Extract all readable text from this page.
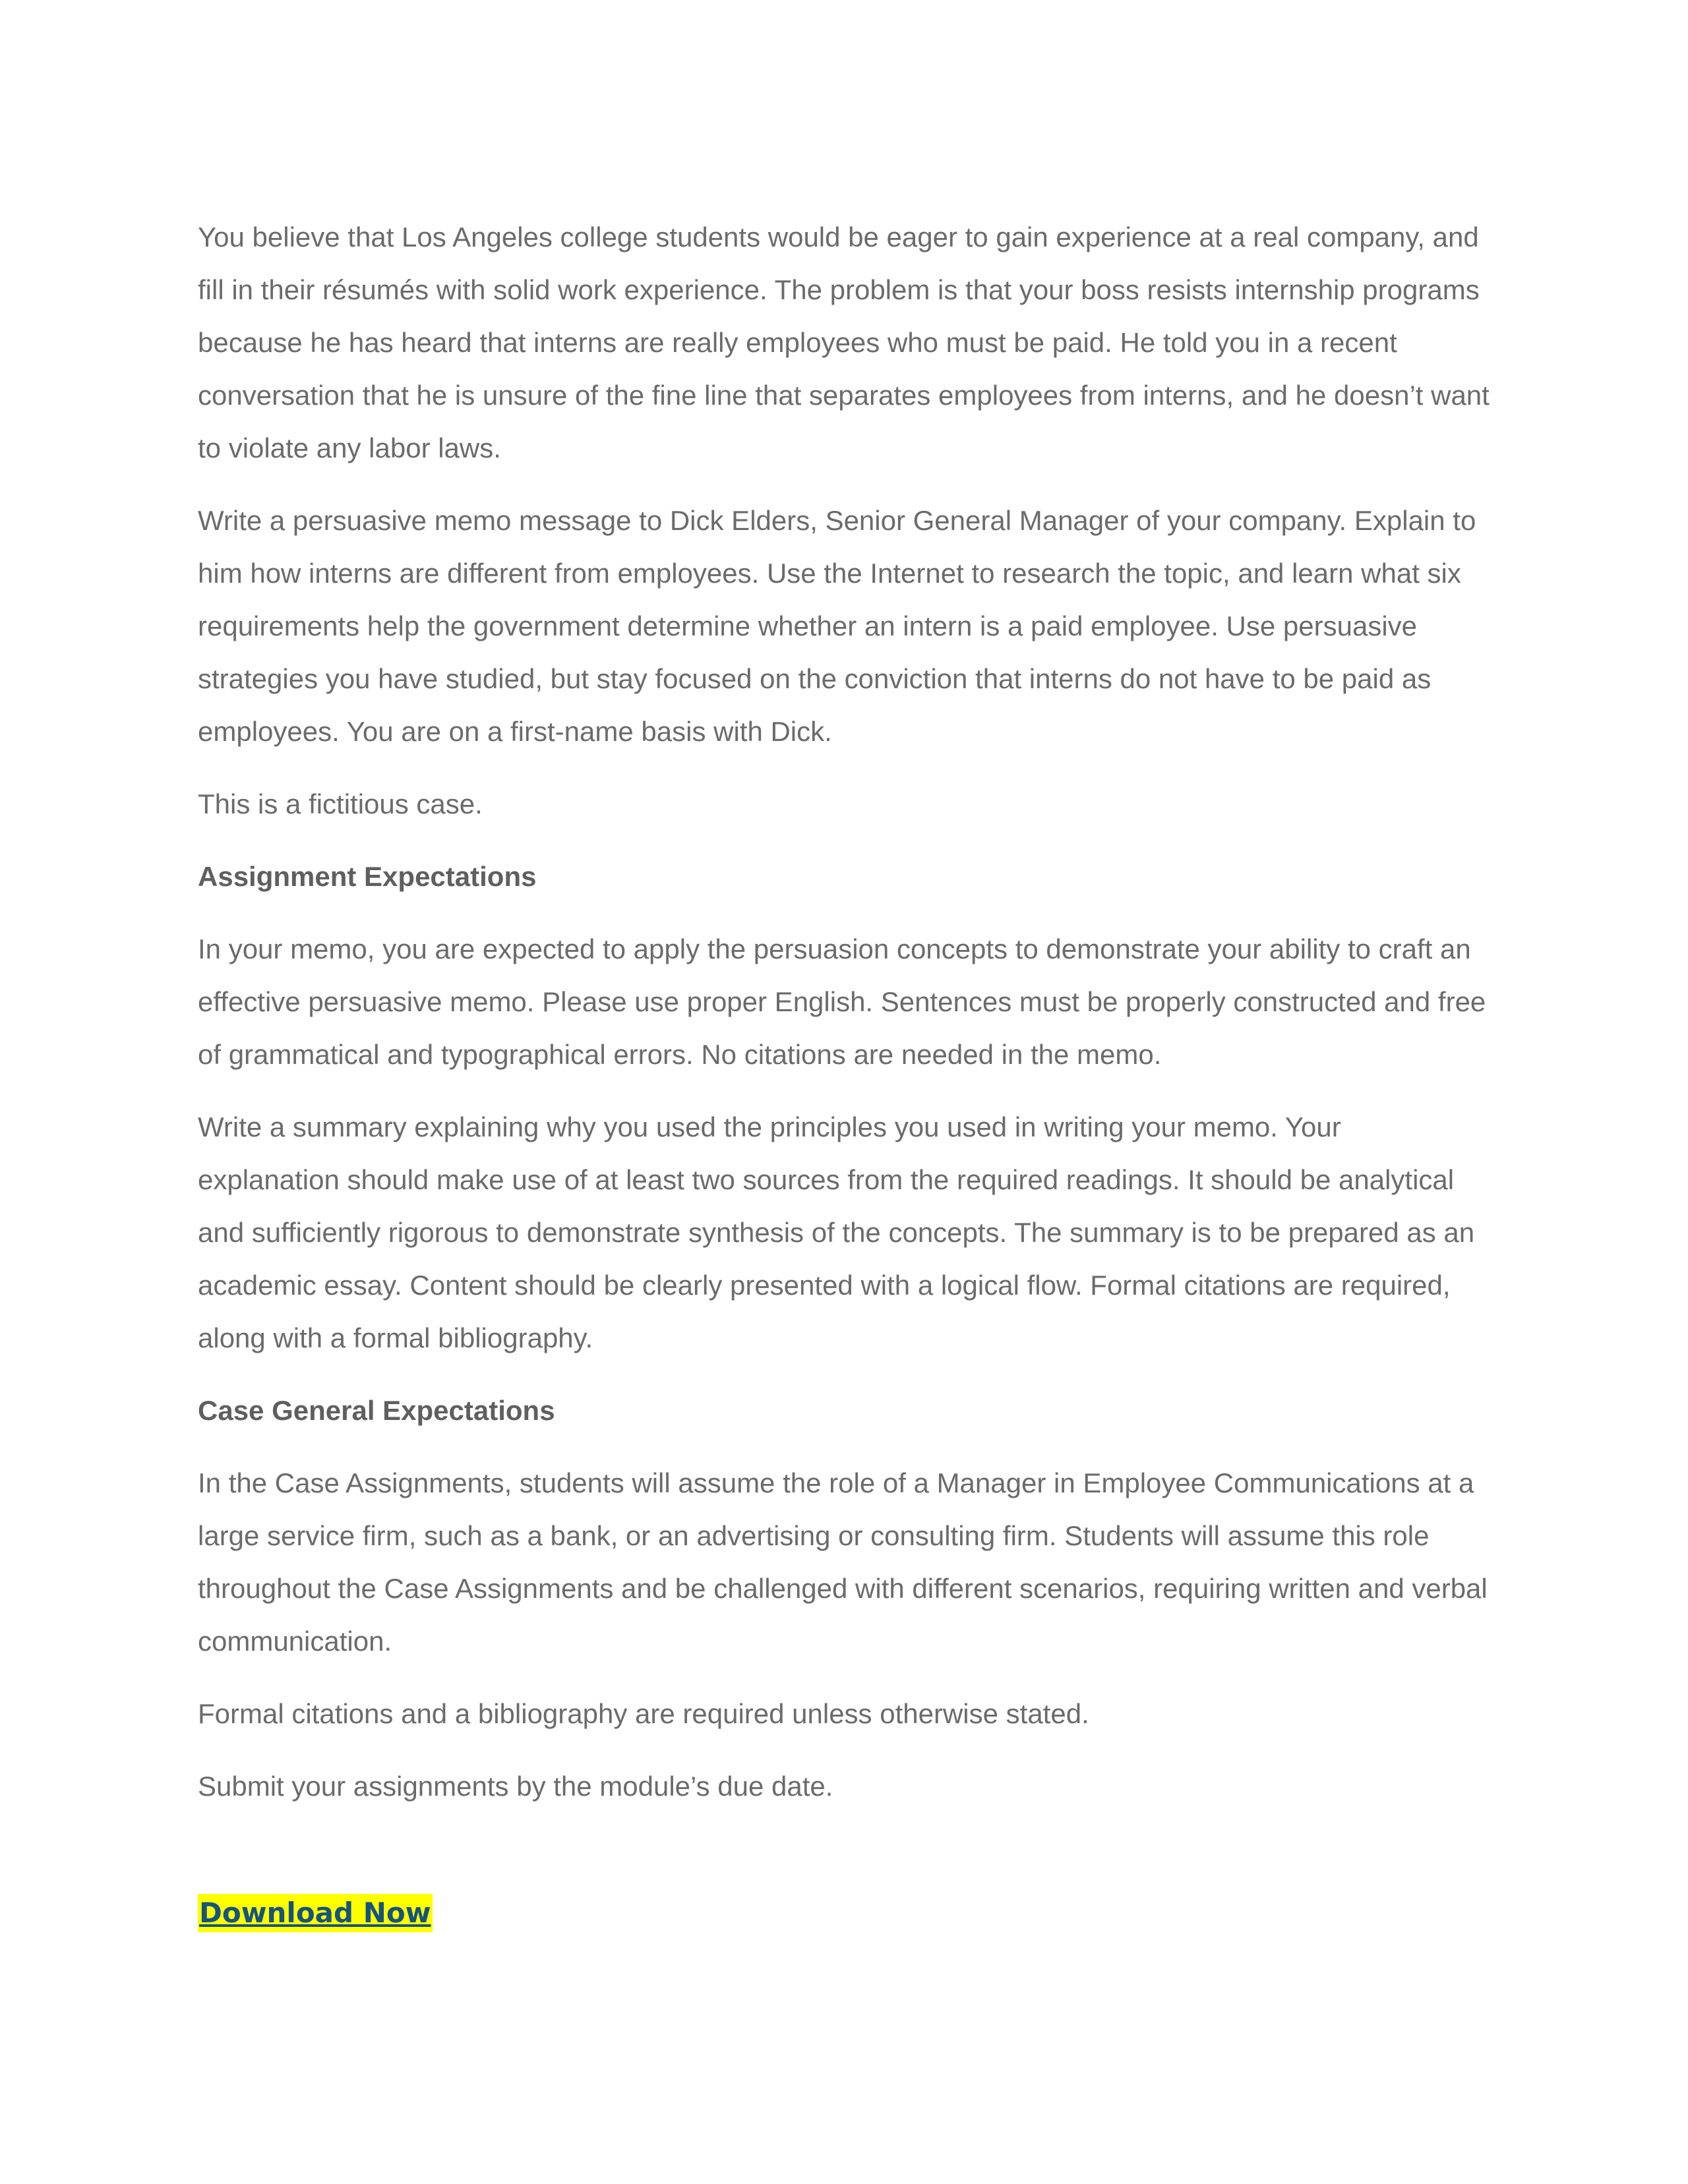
You believe that Los Angeles college students would be eager to gain experience at a real company, and fill in their résumés with solid work experience. The problem is that your boss resists internship programs because he has heard that interns are really employees who must be paid. He told you in a recent conversation that he is unsure of the fine line that separates employees from interns, and he doesn’t want to violate any labor laws.

Write a persuasive memo message to Dick Elders, Senior General Manager of your company. Explain to him how interns are different from employees. Use the Internet to research the topic, and learn what six requirements help the government determine whether an intern is a paid employee. Use persuasive strategies you have studied, but stay focused on the conviction that interns do not have to be paid as employees. You are on a first-name basis with Dick.

This is a fictitious case.

Assignment Expectations

In your memo, you are expected to apply the persuasion concepts to demonstrate your ability to craft an effective persuasive memo. Please use proper English. Sentences must be properly constructed and free of grammatical and typographical errors. No citations are needed in the memo.

Write a summary explaining why you used the principles you used in writing your memo. Your explanation should make use of at least two sources from the required readings. It should be analytical and sufficiently rigorous to demonstrate synthesis of the concepts. The summary is to be prepared as an academic essay. Content should be clearly presented with a logical flow. Formal citations are required, along with a formal bibliography.

Case General Expectations

In the Case Assignments, students will assume the role of a Manager in Employee Communications at a large service firm, such as a bank, or an advertising or consulting firm. Students will assume this role throughout the Case Assignments and be challenged with different scenarios, requiring written and verbal communication.

Formal citations and a bibliography are required unless otherwise stated.

Submit your assignments by the module’s due date.

Download Now
